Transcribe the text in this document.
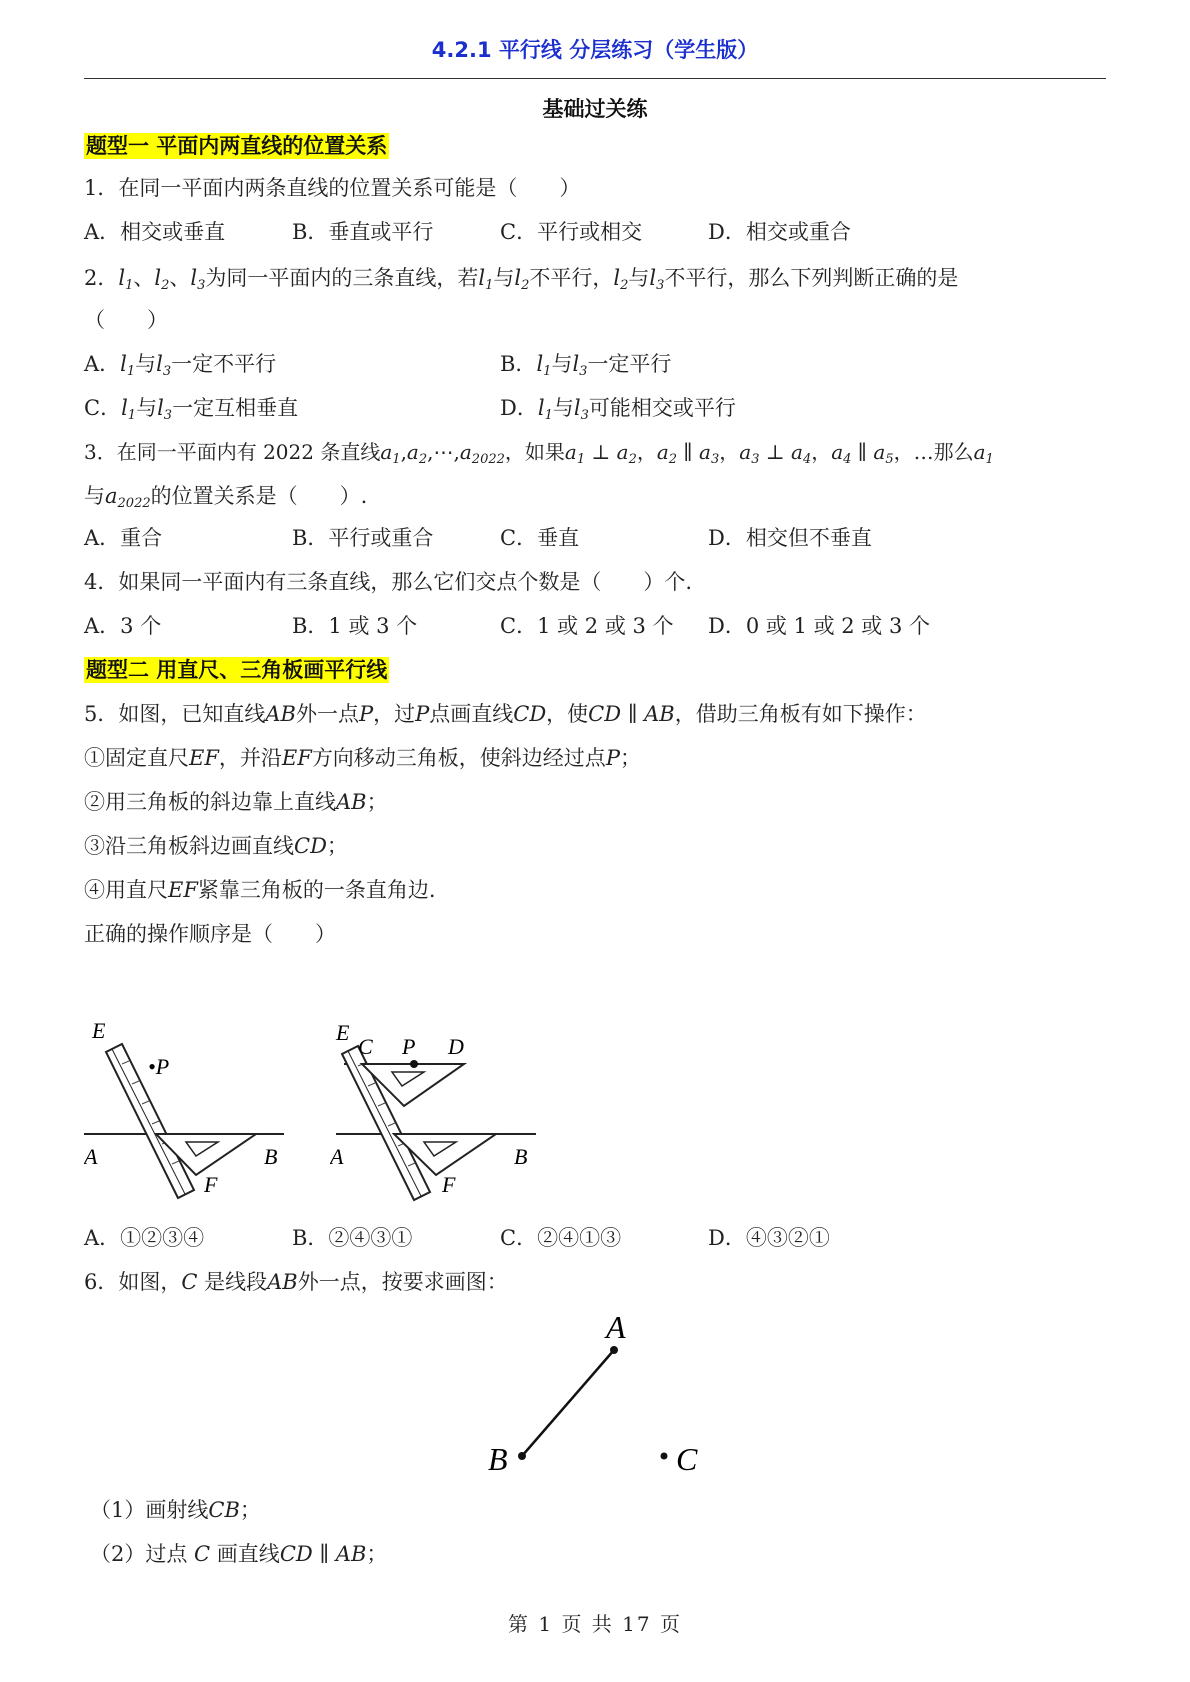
4.2.1 平行线 分层练习（学生版）
基础过关练
题型一 平面内两直线的位置关系
1．在同一平面内两条直线的位置关系可能是（　　）
A．相交或垂直	B．垂直或平行	C．平行或相交	D．相交或重合
2．$l_1$、$l_2$、$l_3$为同一平面内的三条直线，若$l_1$与$l_2$不平行，$l_2$与$l_3$不平行，那么下列判断正确的是
（　　）
A．$l_1$与$l_3$一定不平行	B．$l_1$与$l_3$一定平行
C．$l_1$与$l_3$一定互相垂直	D．$l_1$与$l_3$可能相交或平行
3．在同一平面内有 2022 条直线$a_1,a_2,\cdots,a_{2022}$，如果$a_1$ ⊥ $a_2$，$a_2$ ∥ $a_3$，$a_3$ ⊥ $a_4$，$a_4$ ∥ $a_5$，…那么$a_1$
与$a_{2022}$的位置关系是（　　）.
A．重合	B．平行或重合	C．垂直	D．相交但不垂直
4．如果同一平面内有三条直线，那么它们交点个数是（　　）个.
A．3 个	B．1 或 3 个	C．1 或 2 或 3 个 D．0 或 1 或 2 或 3 个
题型二 用直尺、三角板画平行线
5．如图，已知直线AB外一点P，过P点画直线CD，使CD ∥ AB，借助三角板有如下操作：
①固定直尺EF，并沿EF方向移动三角板，使斜边经过点P；
②用三角板的斜边靠上直线AB；
③沿三角板斜边画直线CD；
④用直尺EF紧靠三角板的一条直角边.
正确的操作顺序是（　　）
E
•P
A	B
F
E
C P D
A	B
F
A．①②③④	B．②④③①	C．②④①③	D．④③②①
6．如图，C 是线段AB外一点，按要求画图：
A
B	C
（1）画射线CB；
（2）过点 C 画直线CD ∥ AB；
第 1 页 共 17 页
